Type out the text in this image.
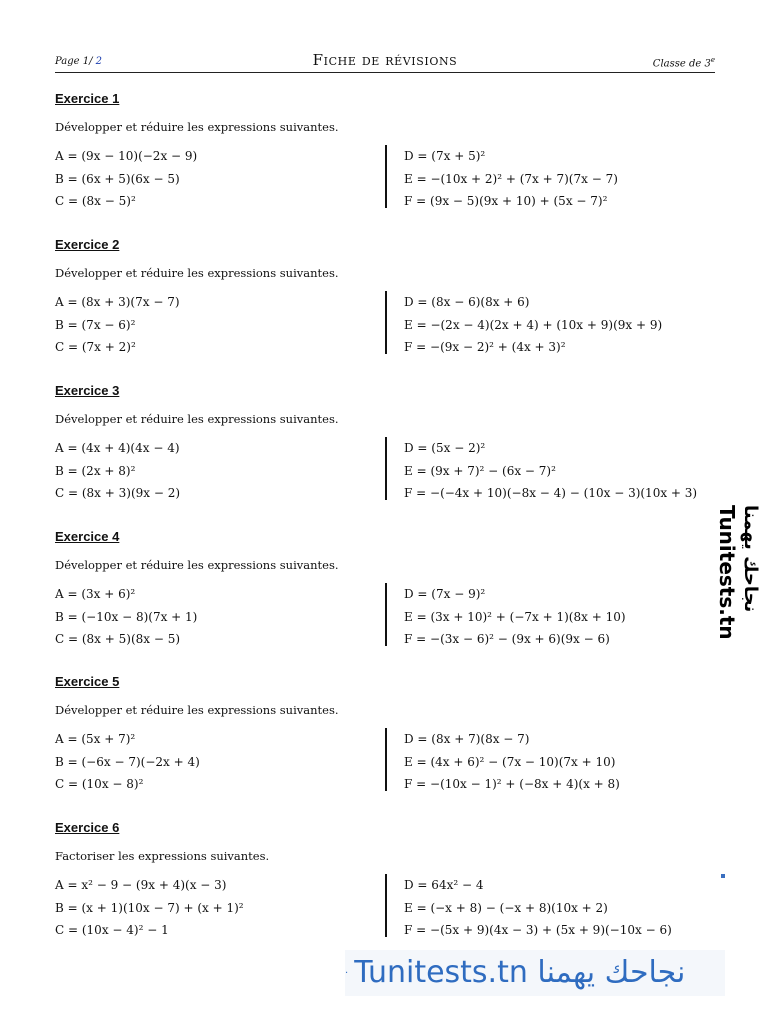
Page 1/ 2	Fiche de révisions	Classe de 3e
Exercice 1
Développer et réduire les expressions suivantes.
A = (9x − 10)(−2x − 9)
B = (6x + 5)(6x − 5)
C = (8x − 5)²
D = (7x + 5)²
E = −(10x + 2)² + (7x + 7)(7x − 7)
F = (9x − 5)(9x + 10) + (5x − 7)²
Exercice 2
Développer et réduire les expressions suivantes.
A = (8x + 3)(7x − 7)
B = (7x − 6)²
C = (7x + 2)²
D = (8x − 6)(8x + 6)
E = −(2x − 4)(2x + 4) + (10x + 9)(9x + 9)
F = −(9x − 2)² + (4x + 3)²
Exercice 3
Développer et réduire les expressions suivantes.
A = (4x + 4)(4x − 4)
B = (2x + 8)²
C = (8x + 3)(9x − 2)
D = (5x − 2)²
E = (9x + 7)² − (6x − 7)²
F = −(−4x + 10)(−8x − 4) − (10x − 3)(10x + 3)
Exercice 4
Développer et réduire les expressions suivantes.
A = (3x + 6)²
B = (−10x − 8)(7x + 1)
C = (8x + 5)(8x − 5)
D = (7x − 9)²
E = (3x + 10)² + (−7x + 1)(8x + 10)
F = −(3x − 6)² − (9x + 6)(9x − 6)
Exercice 5
Développer et réduire les expressions suivantes.
A = (5x + 7)²
B = (−6x − 7)(−2x + 4)
C = (10x − 8)²
D = (8x + 7)(8x − 7)
E = (4x + 6)² − (7x − 10)(7x + 10)
F = −(10x − 1)² + (−8x + 4)(x + 8)
Exercice 6
Factoriser les expressions suivantes.
A = x² − 9 − (9x + 4)(x − 3)
B = (x + 1)(10x − 7) + (x + 1)²
C = (10x − 4)² − 1
D = 64x² − 4
E = (−x + 8) − (−x + 8)(10x + 2)
F = −(5x + 9)(4x − 3) + (5x + 9)(−10x − 6)
Tunitests.tn نجاحك يهمنا
· Tunitests.tn نجاحك يهمنا
